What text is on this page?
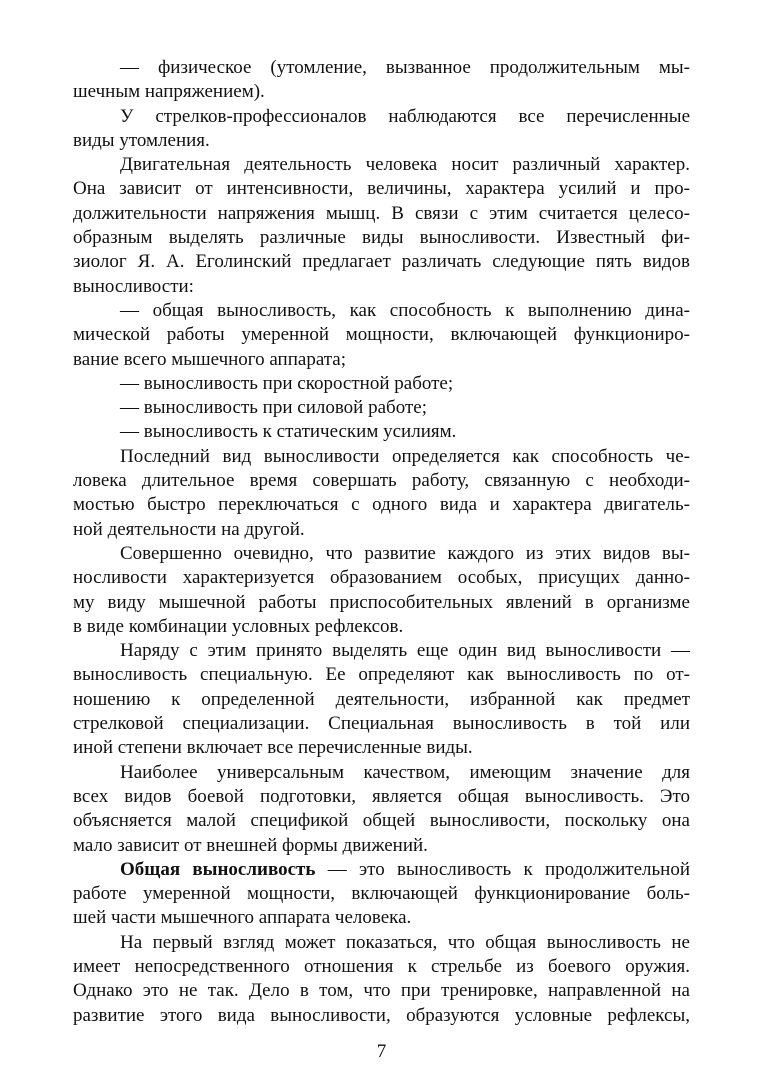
— физическое (утомление, вызванное продолжительным мы-
шечным напряжением).
У стрелков-профессионалов наблюдаются все перечисленные
виды утомления.
Двигательная деятельность человека носит различный характер.
Она зависит от интенсивности, величины, характера усилий и про-
должительности напряжения мышц. В связи с этим считается целесо-
образным выделять различные виды выносливости. Известный фи-
зиолог Я. А. Еголинский предлагает различать следующие пять видов
выносливости:
— общая выносливость, как способность к выполнению дина-
мической работы умеренной мощности, включающей функциониро-
вание всего мышечного аппарата;
— выносливость при скоростной работе;
— выносливость при силовой работе;
— выносливость к статическим усилиям.
Последний вид выносливости определяется как способность че-
ловека длительное время совершать работу, связанную с необходи-
мостью быстро переключаться с одного вида и характера двигатель-
ной деятельности на другой.
Совершенно очевидно, что развитие каждого из этих видов вы-
носливости характеризуется образованием особых, присущих данно-
му виду мышечной работы приспособительных явлений в организме
в виде комбинации условных рефлексов.
Наряду с этим принято выделять еще один вид выносливости —
выносливость специальную. Ее определяют как выносливость по от-
ношению к определенной деятельности, избранной как предмет
стрелковой специализации. Специальная выносливость в той или
иной степени включает все перечисленные виды.
Наиболее универсальным качеством, имеющим значение для
всех видов боевой подготовки, является общая выносливость. Это
объясняется малой спецификой общей выносливости, поскольку она
мало зависит от внешней формы движений.
Общая выносливость — это выносливость к продолжительной
работе умеренной мощности, включающей функционирование боль-
шей части мышечного аппарата человека.
На первый взгляд может показаться, что общая выносливость не
имеет непосредственного отношения к стрельбе из боевого оружия.
Однако это не так. Дело в том, что при тренировке, направленной на
развитие этого вида выносливости, образуются условные рефлексы,
7
